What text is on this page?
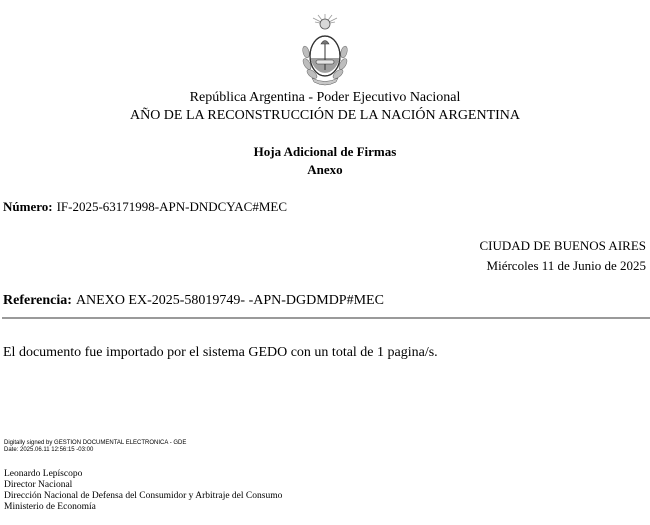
República Argentina - Poder Ejecutivo Nacional
AÑO DE LA RECONSTRUCCIÓN DE LA NACIÓN ARGENTINA
Hoja Adicional de Firmas
Anexo
Número: IF-2025-63171998-APN-DNDCYAC#MEC
CIUDAD DE BUENOS AIRES
Miércoles 11 de Junio de 2025
Referencia: ANEXO EX-2025-58019749- -APN-DGDMDP#MEC
El documento fue importado por el sistema GEDO con un total de 1 pagina/s.
Digitally signed by GESTION DOCUMENTAL ELECTRONICA - GDE
Date: 2025.06.11 12:56:15 -03:00
Leonardo Lepíscopo
Director Nacional
Dirección Nacional de Defensa del Consumidor y Arbitraje del Consumo
Ministerio de Economía
